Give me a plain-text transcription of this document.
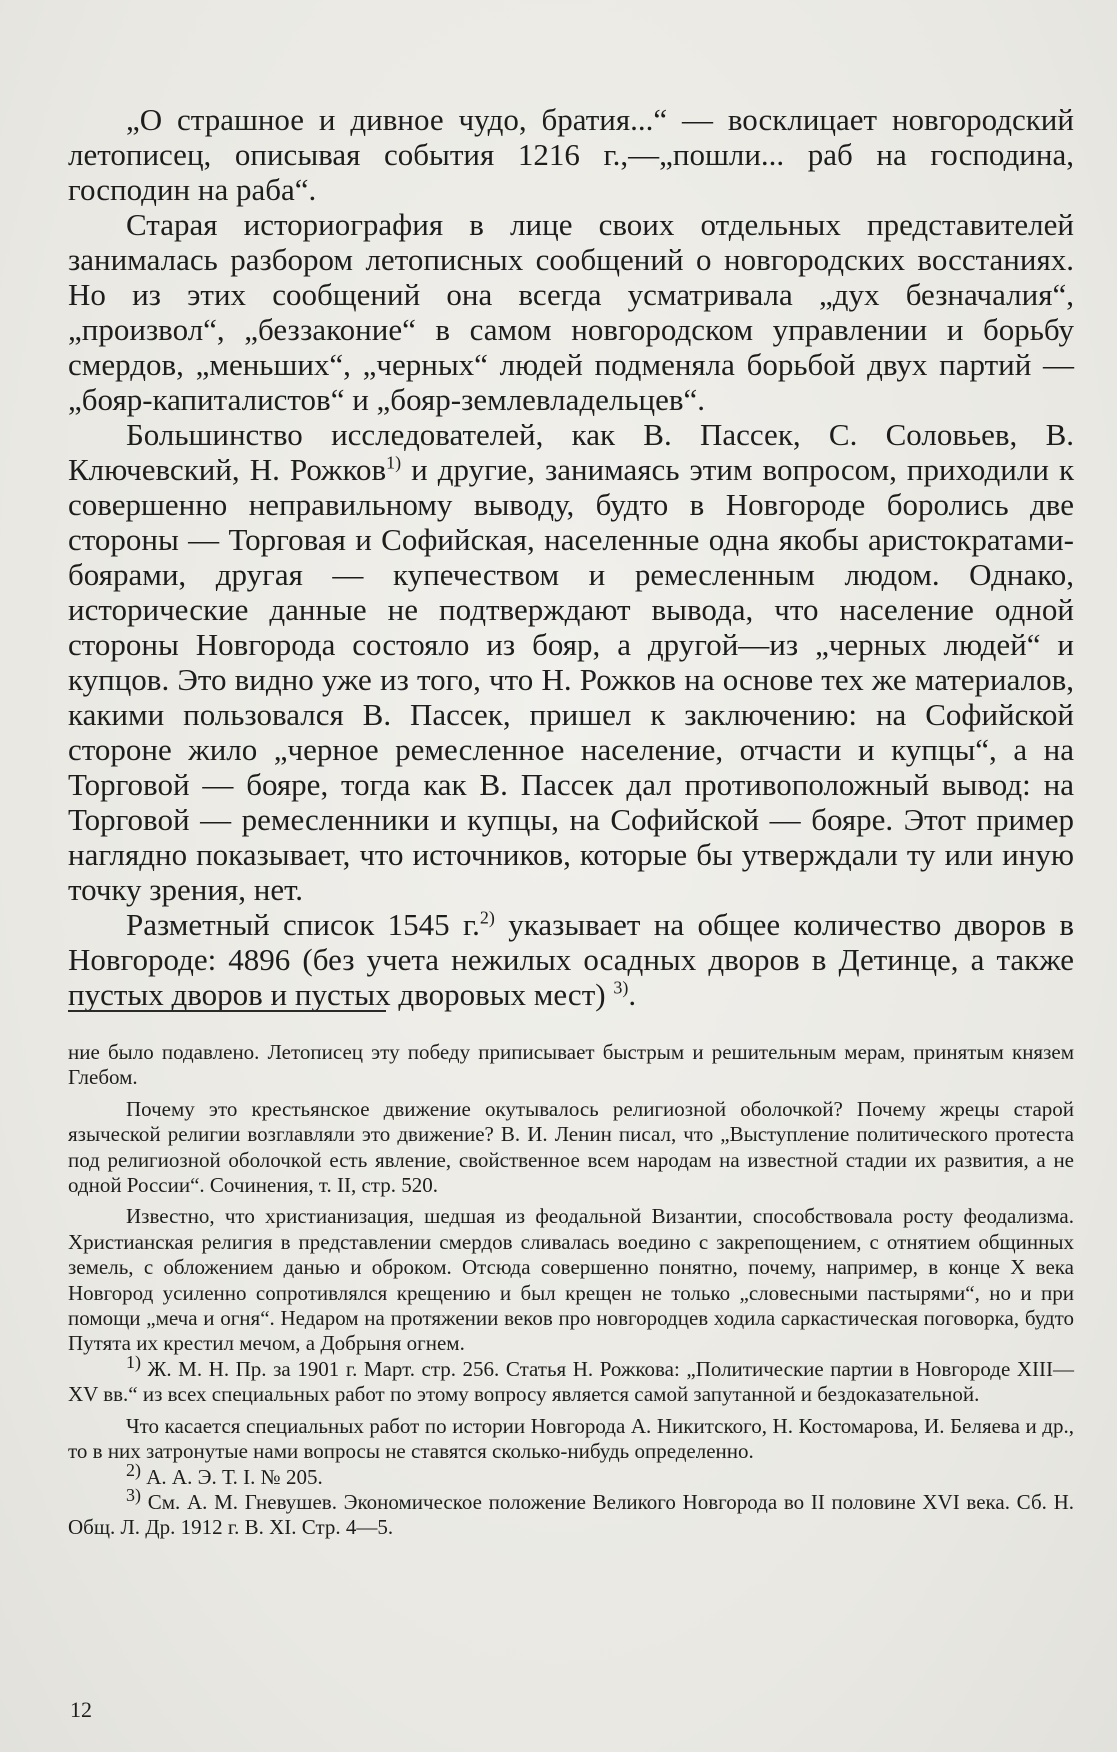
„О страшное и дивное чудо, братия...“ — восклицает новгородский летописец, описывая события 1216 г.,—„пошли... раб на господина, господин на раба“.

Старая историография в лице своих отдельных представителей занималась разбором летописных сообщений о новгородских восстаниях. Но из этих сообщений она всегда усматривала „дух безначалия“, „произвол“, „беззаконие“ в самом новгородском управлении и борьбу смердов, „меньших“, „черных“ людей подменяла борьбой двух партий — „бояр-капиталистов“ и „бояр-землевладельцев“.

Большинство исследователей, как В. Пассек, С. Соловьев, В. Ключевский, Н. Рожков$^{1)}$ и другие, занимаясь этим вопросом, приходили к совершенно неправильному выводу, будто в Новгороде боролись две стороны — Торговая и Софийская, населенные одна якобы аристократами-боярами, другая — купечеством и ремесленным людом. Однако, исторические данные не подтверждают вывода, что население одной стороны Новгорода состояло из бояр, а другой—из „черных людей“ и купцов. Это видно уже из того, что Н. Рожков на основе тех же материалов, какими пользовался В. Пассек, пришел к заключению: на Софийской стороне жило „черное ремесленное население, отчасти и купцы“, а на Торговой — бояре, тогда как В. Пассек дал противоположный вывод: на Торговой — ремесленники и купцы, на Софийской — бояре. Этот пример наглядно показывает, что источников, которые бы утверждали ту или иную точку зрения, нет.

Разметный список 1545 г.$^{2)}$ указывает на общее количество дворов в Новгороде: 4896 (без учета нежилых осадных дворов в Детинце, а также пустых дворов и пустых дворовых мест) $^{3)}$.

ние было подавлено. Летописец эту победу приписывает быстрым и решительным мерам, принятым князем Глебом.

Почему это крестьянское движение окутывалось религиозной оболочкой? Почему жрецы старой языческой религии возглавляли это движение? В. И. Ленин писал, что „Выступление политического протеста под религиозной оболочкой есть явление, свойственное всем народам на известной стадии их развития, а не одной России“. Сочинения, т. II, стр. 520.

Известно, что христианизация, шедшая из феодальной Византии, способствовала росту феодализма. Христианская религия в представлении смердов сливалась воедино с закрепощением, с отнятием общинных земель, с обложением данью и оброком. Отсюда совершенно понятно, почему, например, в конце X века Новгород усиленно сопротивлялся крещению и был крещен не только „словесными пастырями“, но и при помощи „меча и огня“. Недаром на протяжении веков про новгородцев ходила саркастическая поговорка, будто Путята их крестил мечом, а Добрыня огнем.

$^{1)}$ Ж. М. Н. Пр. за 1901 г. Март. стр. 256. Статья Н. Рожкова: „Политические партии в Новгороде XIII—XV вв.“ из всех специальных работ по этому вопросу является самой запутанной и бездоказательной.

Что касается специальных работ по истории Новгорода А. Никитского, Н. Костомарова, И. Беляева и др., то в них затронутые нами вопросы не ставятся сколько-нибудь определенно.

$^{2)}$ А. А. Э. Т. I. № 205.

$^{3)}$ См. А. М. Гневушев. Экономическое положение Великого Новгорода во II половине XVI века. Сб. Н. Общ. Л. Др. 1912 г. В. XI. Стр. 4—5.

12
